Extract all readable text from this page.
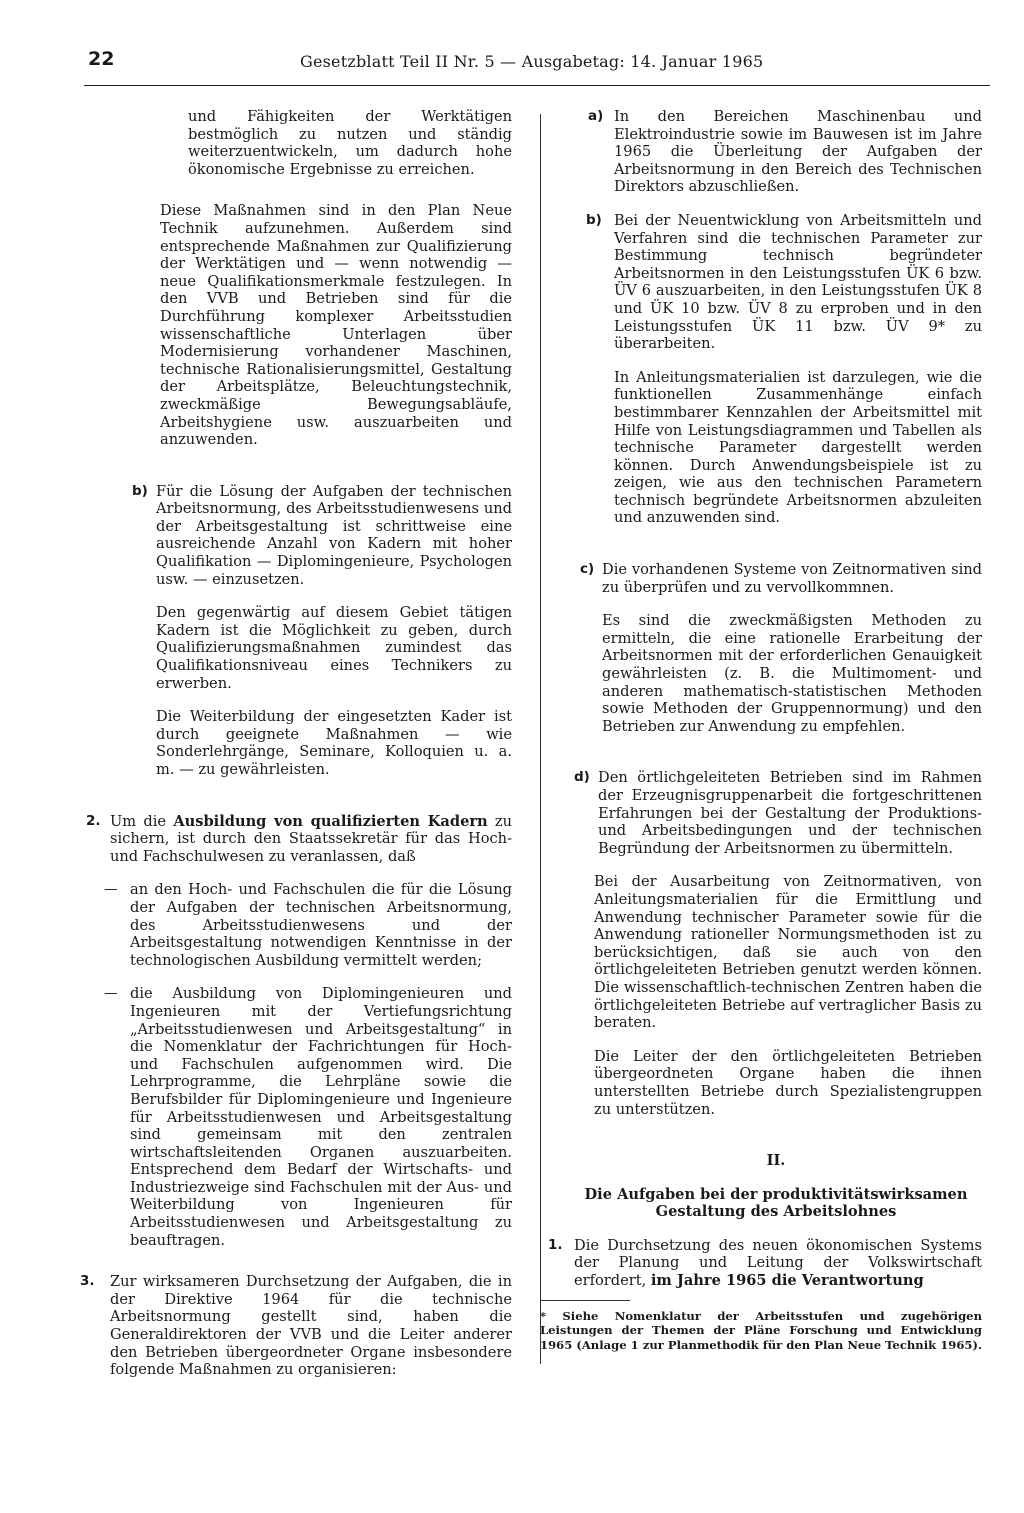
22	Gesetzblatt Teil II Nr. 5 — Ausgabetag: 14. Januar 1965

und Fähigkeiten der Werktätigen bestmöglich zu nutzen und ständig weiterzuentwickeln, um dadurch hohe ökonomische Ergebnisse zu erreichen.

Diese Maßnahmen sind in den Plan Neue Technik aufzunehmen. Außerdem sind entsprechende Maßnahmen zur Qualifizierung der Werktätigen und — wenn notwendig — neue Qualifikationsmerkmale festzulegen. In den VVB und Betrieben sind für die Durchführung komplexer Arbeitsstudien wissenschaftliche Unterlagen über Modernisierung vorhandener Maschinen, technische Rationalisierungsmittel, Gestaltung der Arbeitsplätze, Beleuchtungstechnik, zweckmäßige Bewegungsabläufe, Arbeitshygiene usw. auszuarbeiten und anzuwenden.

b) Für die Lösung der Aufgaben der technischen Arbeitsnormung, des Arbeitsstudienwesens und der Arbeitsgestaltung ist schrittweise eine ausreichende Anzahl von Kadern mit hoher Qualifikation — Diplomingenieure, Psychologen usw. — einzusetzen.

Den gegenwärtig auf diesem Gebiet tätigen Kadern ist die Möglichkeit zu geben, durch Qualifizierungsmaßnahmen zumindest das Qualifikationsniveau eines Technikers zu erwerben.

Die Weiterbildung der eingesetzten Kader ist durch geeignete Maßnahmen — wie Sonderlehrgänge, Seminare, Kolloquien u. a. m. — zu gewährleisten.

2. Um die Ausbildung von qualifizierten Kadern zu sichern, ist durch den Staatssekretär für das Hoch- und Fachschulwesen zu veranlassen, daß
— an den Hoch- und Fachschulen die für die Lösung der Aufgaben der technischen Arbeitsnormung, des Arbeitsstudienwesens und der Arbeitsgestaltung notwendigen Kenntnisse in der technologischen Ausbildung vermittelt werden;
— die Ausbildung von Diplomingenieuren und Ingenieuren mit der Vertiefungsrichtung „Arbeitsstudienwesen und Arbeitsgestaltung“ in die Nomenklatur der Fachrichtungen für Hoch- und Fachschulen aufgenommen wird. Die Lehrprogramme, die Lehrpläne sowie die Berufsbilder für Diplomingenieure und Ingenieure für Arbeitsstudienwesen und Arbeitsgestaltung sind gemeinsam mit den zentralen wirtschaftsleitenden Organen auszuarbeiten. Entsprechend dem Bedarf der Wirtschafts- und Industriezweige sind Fachschulen mit der Aus- und Weiterbildung von Ingenieuren für Arbeitsstudienwesen und Arbeitsgestaltung zu beauftragen.
3.	Zur wirksameren Durchsetzung der Aufgaben, die in der Direktive 1964 für die technische Arbeitsnormung gestellt sind, haben die Generaldirektoren der VVB und die Leiter anderer den Betrieben übergeordneter Organe insbesondere folgende Maßnahmen zu organisieren:
a) In den Bereichen Maschinenbau und Elektroindustrie sowie im Bauwesen ist im Jahre 1965 die Überleitung der Aufgaben der Arbeitsnormung in den Bereich des Technischen Direktors abzuschließen.
b) Bei der Neuentwicklung von Arbeitsmitteln und Verfahren sind die technischen Parameter zur Bestimmung technisch begründeter Arbeitsnormen in den Leistungsstufen ÜK 6 bzw. ÜV 6 auszuarbeiten, in den Leistungsstufen ÜK 8 und ÜK 10 bzw. ÜV 8 zu erproben und in den Leistungsstufen ÜK 11 bzw. ÜV 9* zu überarbeiten.

In Anleitungsmaterialien ist darzulegen, wie die funktionellen Zusammenhänge einfach bestimmbarer Kennzahlen der Arbeitsmittel mit Hilfe von Leistungsdiagrammen und Tabellen als technische Parameter dargestellt werden können. Durch Anwendungsbeispiele ist zu zeigen, wie aus den technischen Parametern technisch begründete Arbeitsnormen abzuleiten und anzuwenden sind.

c) Die vorhandenen Systeme von Zeitnormativen sind zu überprüfen und zu vervollkommnen.

Es sind die zweckmäßigsten Methoden zu ermitteln, die eine rationelle Erarbeitung der Arbeitsnormen mit der erforderlichen Genauigkeit gewährleisten (z. B. die Multimoment- und anderen mathematisch-statistischen Methoden sowie Methoden der Gruppennormung) und den Betrieben zur Anwendung zu empfehlen.

d) Den örtlichgeleiteten Betrieben sind im Rahmen der Erzeugnisgruppenarbeit die fortgeschrittenen Erfahrungen bei der Gestaltung der Produktions- und Arbeitsbedingungen und der technischen Begründung der Arbeitsnormen zu übermitteln.

Bei der Ausarbeitung von Zeitnormativen, von Anleitungsmaterialien für die Ermittlung und Anwendung technischer Parameter sowie für die Anwendung rationeller Normungsmethoden ist zu berücksichtigen, daß sie auch von den örtlichgeleiteten Betrieben genutzt werden können. Die wissenschaftlich-technischen Zentren haben die örtlichgeleiteten Betriebe auf vertraglicher Basis zu beraten.

Die Leiter der den örtlichgeleiteten Betrieben übergeordneten Organe haben die ihnen unterstellten Betriebe durch Spezialistengruppen zu unterstützen.

II.
Die Aufgaben bei der produktivitätswirksamen
Gestaltung des Arbeitslohnes
1. Die Durchsetzung des neuen ökonomischen Systems der Planung und Leitung der Volkswirtschaft erfordert, im Jahre 1965 die Verantwortung

* Siehe Nomenklatur der Arbeitsstufen und zugehörigen Leistungen der Themen der Pläne Forschung und Entwicklung 1965 (Anlage 1 zur Planmethodik für den Plan Neue Technik 1965).
